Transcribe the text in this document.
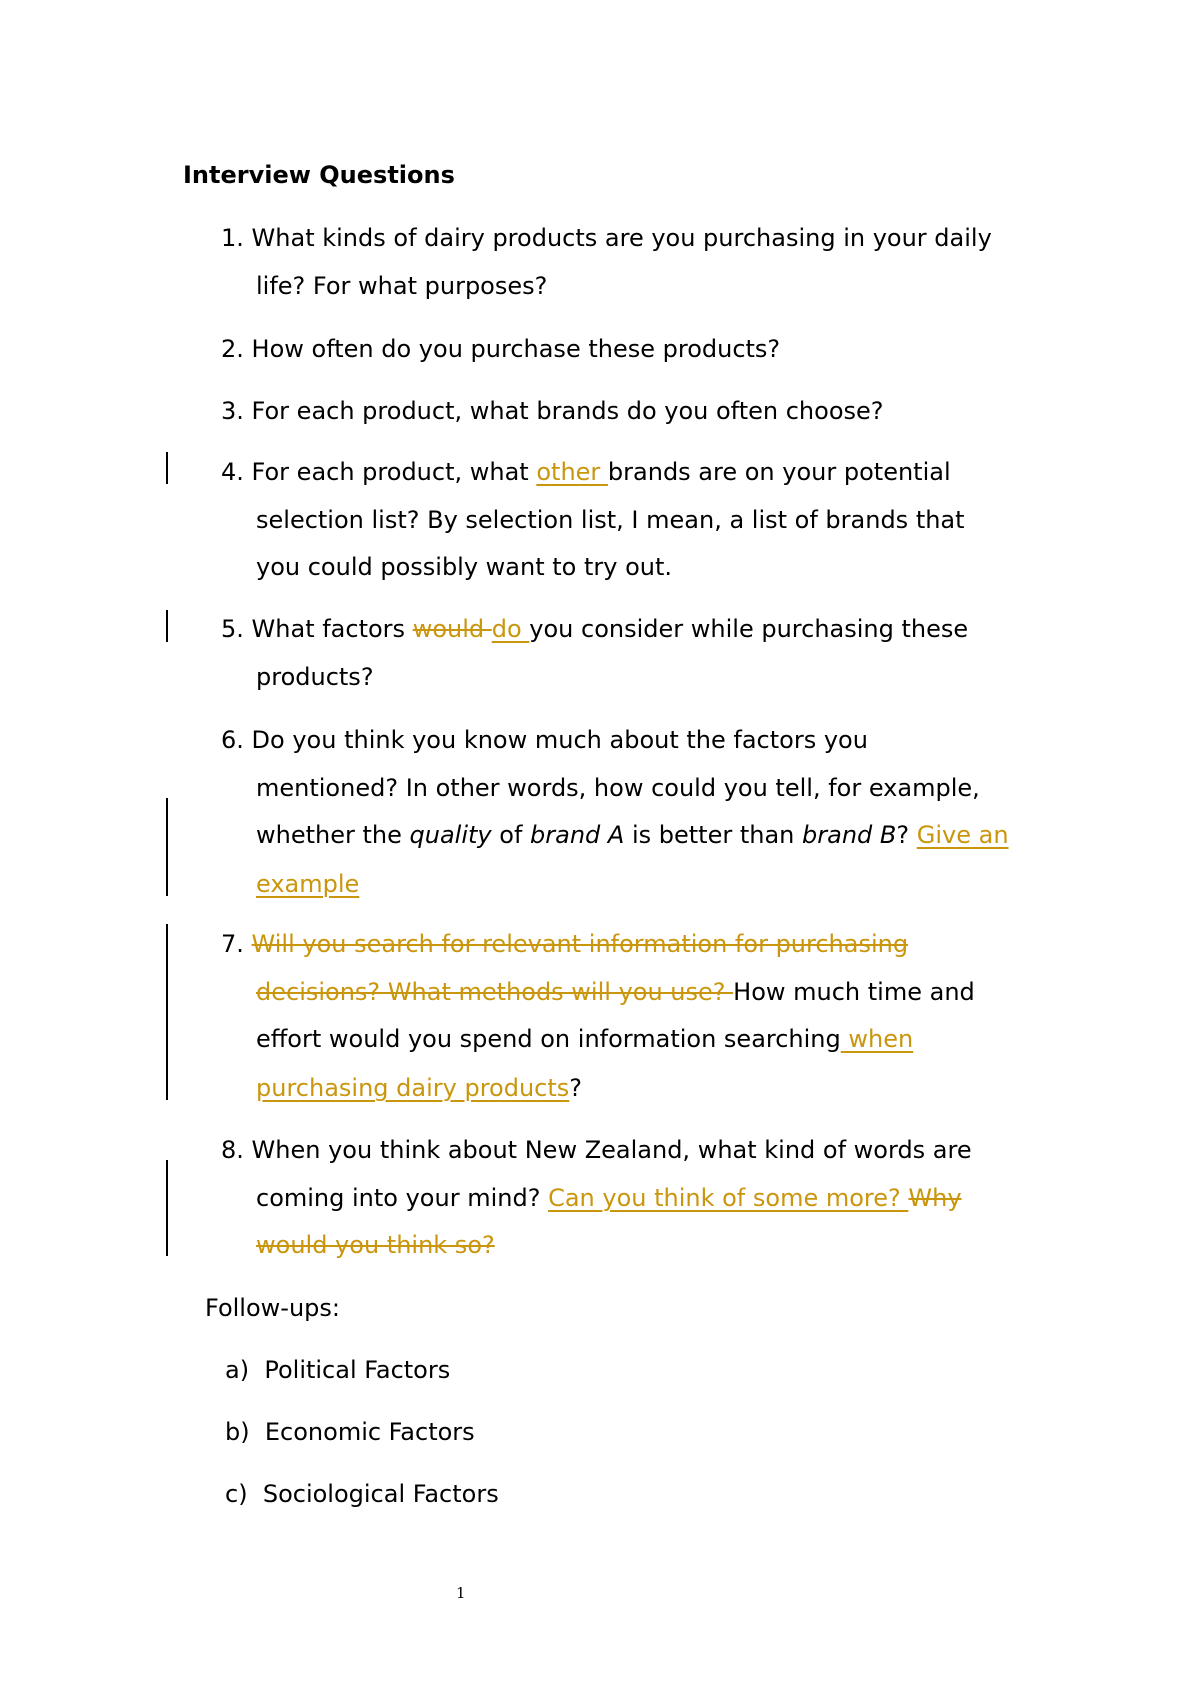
Interview Questions
1. What kinds of dairy products are you purchasing in your daily
life? For what purposes?
2. How often do you purchase these products?
3. For each product, what brands do you often choose?
4. For each product, what other brands are on your potential
selection list? By selection list, I mean, a list of brands that
you could possibly want to try out.
5. What factors would do you consider while purchasing these
products?
6. Do you think you know much about the factors you
mentioned? In other words, how could you tell, for example,
whether the quality of brand A is better than brand B? Give an
example
7. Will you search for relevant information for purchasing
decisions? What methods will you use? How much time and
effort would you spend on information searching when
purchasing dairy products?
8. When you think about New Zealand, what kind of words are
coming into your mind? Can you think of some more? Why
would you think so?
Follow-ups:
a) Political Factors
b) Economic Factors
c) Sociological Factors
1
